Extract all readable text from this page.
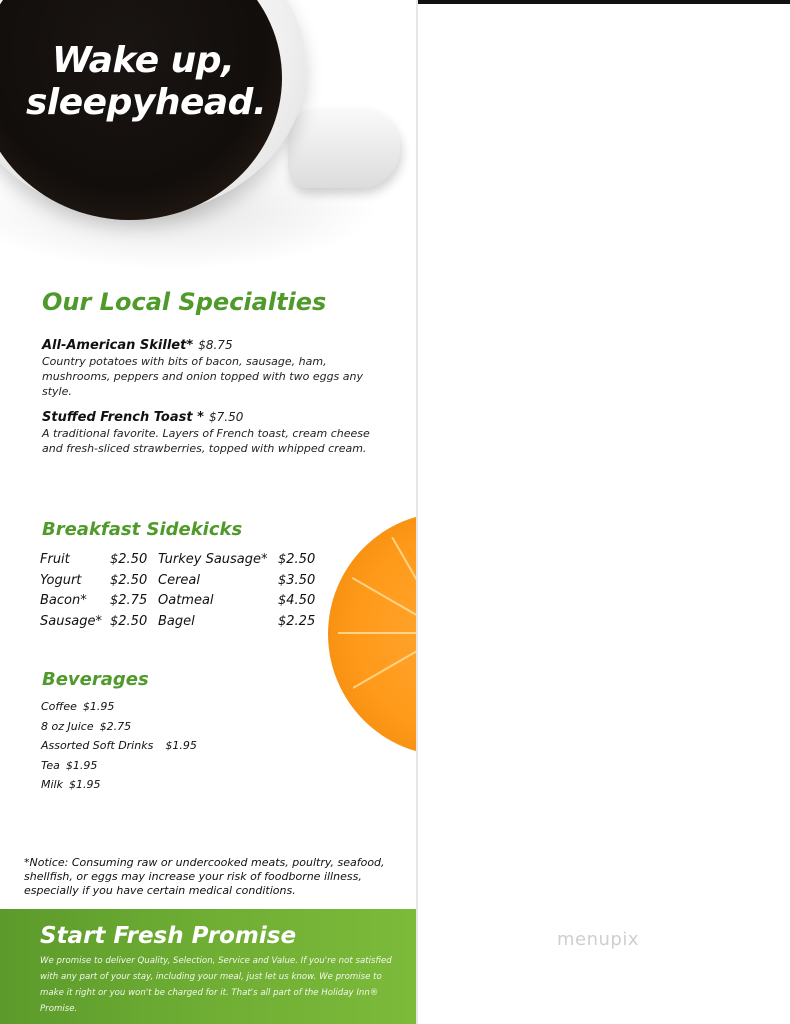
Wake up,
sleepyhead.
Our Local Specialties
All-American Skillet* $8.75
Country potatoes with bits of bacon, sausage, ham, mushrooms, peppers and onion topped with two eggs any style.
Stuffed French Toast * $7.50
A traditional favorite. Layers of French toast, cream cheese and fresh-sliced strawberries, topped with whipped cream.
Breakfast Sidekicks
Fruit	$2.50 Turkey Sausage* $2.50
Yogurt $2.50 Cereal	$3.50
Bacon* $2.75 Oatmeal	$4.50
Sausage* $2.50 Bagel	$2.25
Beverages
Coffee $1.95
8 oz Juice $2.75
Assorted Soft Drinks $1.95
Tea $1.95
Milk $1.95

*Notice: Consuming raw or undercooked meats, poultry, seafood, shellfish, or eggs may increase your risk of foodborne illness, especially if you have certain medical conditions.

Start Fresh Promise

We promise to deliver Quality, Selection, Service and Value. If you're not satisfied with any part of your stay, including your meal, just let us know. We promise to make it right or you won't be charged for it. That's all part of the Holiday Inn® Promise.

menupix
